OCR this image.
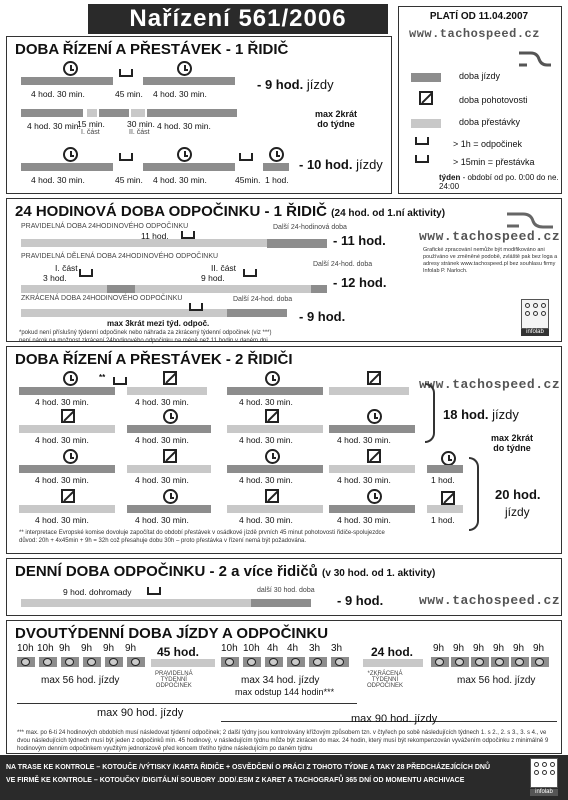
Nařízení 561/2006	PLATÍ OD 11.04.2007
www.tachospeed.cz
doba jízdy
doba pohotovosti
doba přestávky
> 1h = odpočinek
> 15min = přestávka
týden - období od po. 0:00 do ne. 24:00
DOBA ŘÍZENÍ A PŘESTÁVEK - 1 ŘIDIČ
4 hod. 30 min.	45 min. 4 hod. 30 min.
- 9 hod. jízdy
4 hod. 30 min.
15 min.	30 min. 4 hod. 30 min.
I. část	II. část
max 2krát
do týdne
4 hod. 30 min.	45 min. 4 hod. 30 min.	45min. 1 hod.
- 10 hod. jízdy
24 HODINOVÁ DOBA ODPOČINKU - 1 ŘIDIČ (24 hod. od 1.ní aktivity)
PRAVIDELNÁ DOBA 24HODINOVÉHO ODPOČINKU
11 hod.
Další 24-hodinová doba
- 11 hod.	www.tachospeed.cz
PRAVIDELNÁ DĚLENÁ DOBA 24HODINOVÉHO ODPOČINKU
I. část
3 hod.
II. část
9 hod.
Další 24-hod. doba
- 12 hod.
Grafické zpracování nemůže být modifikováno ani používáno ve změněné podobě, zvláště pak bez loga a adresy stránek www.tachospeed.pl bez souhlasu firmy Infolab P. Narloch.
ZKRÁCENÁ DOBA 24HODINOVÉHO ODPOČINKU	Další 24-hod. doba
max 3krát mezi týd. odpoč.	- 9 hod.
*pokud není příslušný týdenní odpočinek nebo náhrada za zkrácený týdenní odpočinek (viz ***)
není nárok na možnost zkrácení 24hodinového odpočinku na méně než 11 hodin v daném dni
infolab
DOBA ŘÍZENÍ A PŘESTÁVEK - 2 ŘIDIČI
www.tachospeed.cz
**
4 hod. 30 min.	4 hod. 30 min.	4 hod. 30 min.
4 hod. 30 min.	4 hod. 30 min.	4 hod. 30 min.	4 hod. 30 min.
18 hod. jízdy
max 2krát
do týdne
4 hod. 30 min.	4 hod. 30 min.	4 hod. 30 min.	4 hod. 30 min.	1 hod.
4 hod. 30 min.	4 hod. 30 min.	4 hod. 30 min.	4 hod. 30 min.	1 hod.
20 hod.
jízdy
** interpretace Evropské komise dovoluje započítat do období přestávek v osádkové jízdě prvních 45 minut pohotovosti řidiče-spolujezdce
důvod: 20h + 4x45min + 9h = 32h což přesahuje dobu 30h – proto přestávka v řízení nemá být požadována.
DENNÍ DOBA ODPOČINKU - 2 a více řidičů (v 30 hod. od 1. aktivity)
9 hod. dohromady	další 30 hod. doba
- 9 hod.	www.tachospeed.cz
DVOUTÝDENNÍ DOBA JÍZDY A ODPOČINKU
10h 10h 9h 9h 9h 9h 45 hod.
PRAVIDELNÁ
TÝDENNÍ
ODPOČINEK
max 56 hod. jízdy
10h 10h 4h 4h 3h 3h 24 hod.
*ZKRÁCENÁ
TÝDENNÍ
ODPOČINEK
max 34 hod. jízdy
max odstup 144 hodin***
9h 9h 9h 9h 9h 9h
max 56 hod. jízdy
max 90 hod. jízdy	max 90 hod. jízdy
*** max. po 6-ti 24 hodinových obdobích musí následovat týdenní odpočinek; 2 další týdny jsou kontrolovány křížovým způsobem tzn. v čtyřech po sobě následujících týdnech 1. s 2., 2. s 3., 3. s 4., ve dvou následujících týdnech musí být jeden z odpočinků min. 45 hodinový, v následujícím týdnu může být zkrácen do max. 24 hodin, který musí být rekompenzován vyvážením odpočinku z minimálně 9 hodinovým denním odpočinkem využitým jednorázově před koncem třetího týdne následujícím po daném týdnu
NA TRASE KE KONTROLE – KOTOUČE /VÝTISKY /KARTA ŘIDIČE + OSVĚDČENÍ O PRÁCI Z TOHOTO TÝDNE A TAKY 28 PŘEDCHÁZEJÍCÍCH DNŮ
VE FIRMĚ KE KONTROLE – KOTOUČKY /DIGITÁLNÍ SOUBORY .DDD/.ESM Z KARET A TACHOGRAFŮ 365 DNÍ OD MOMENTU ARCHIVACE
infolab
